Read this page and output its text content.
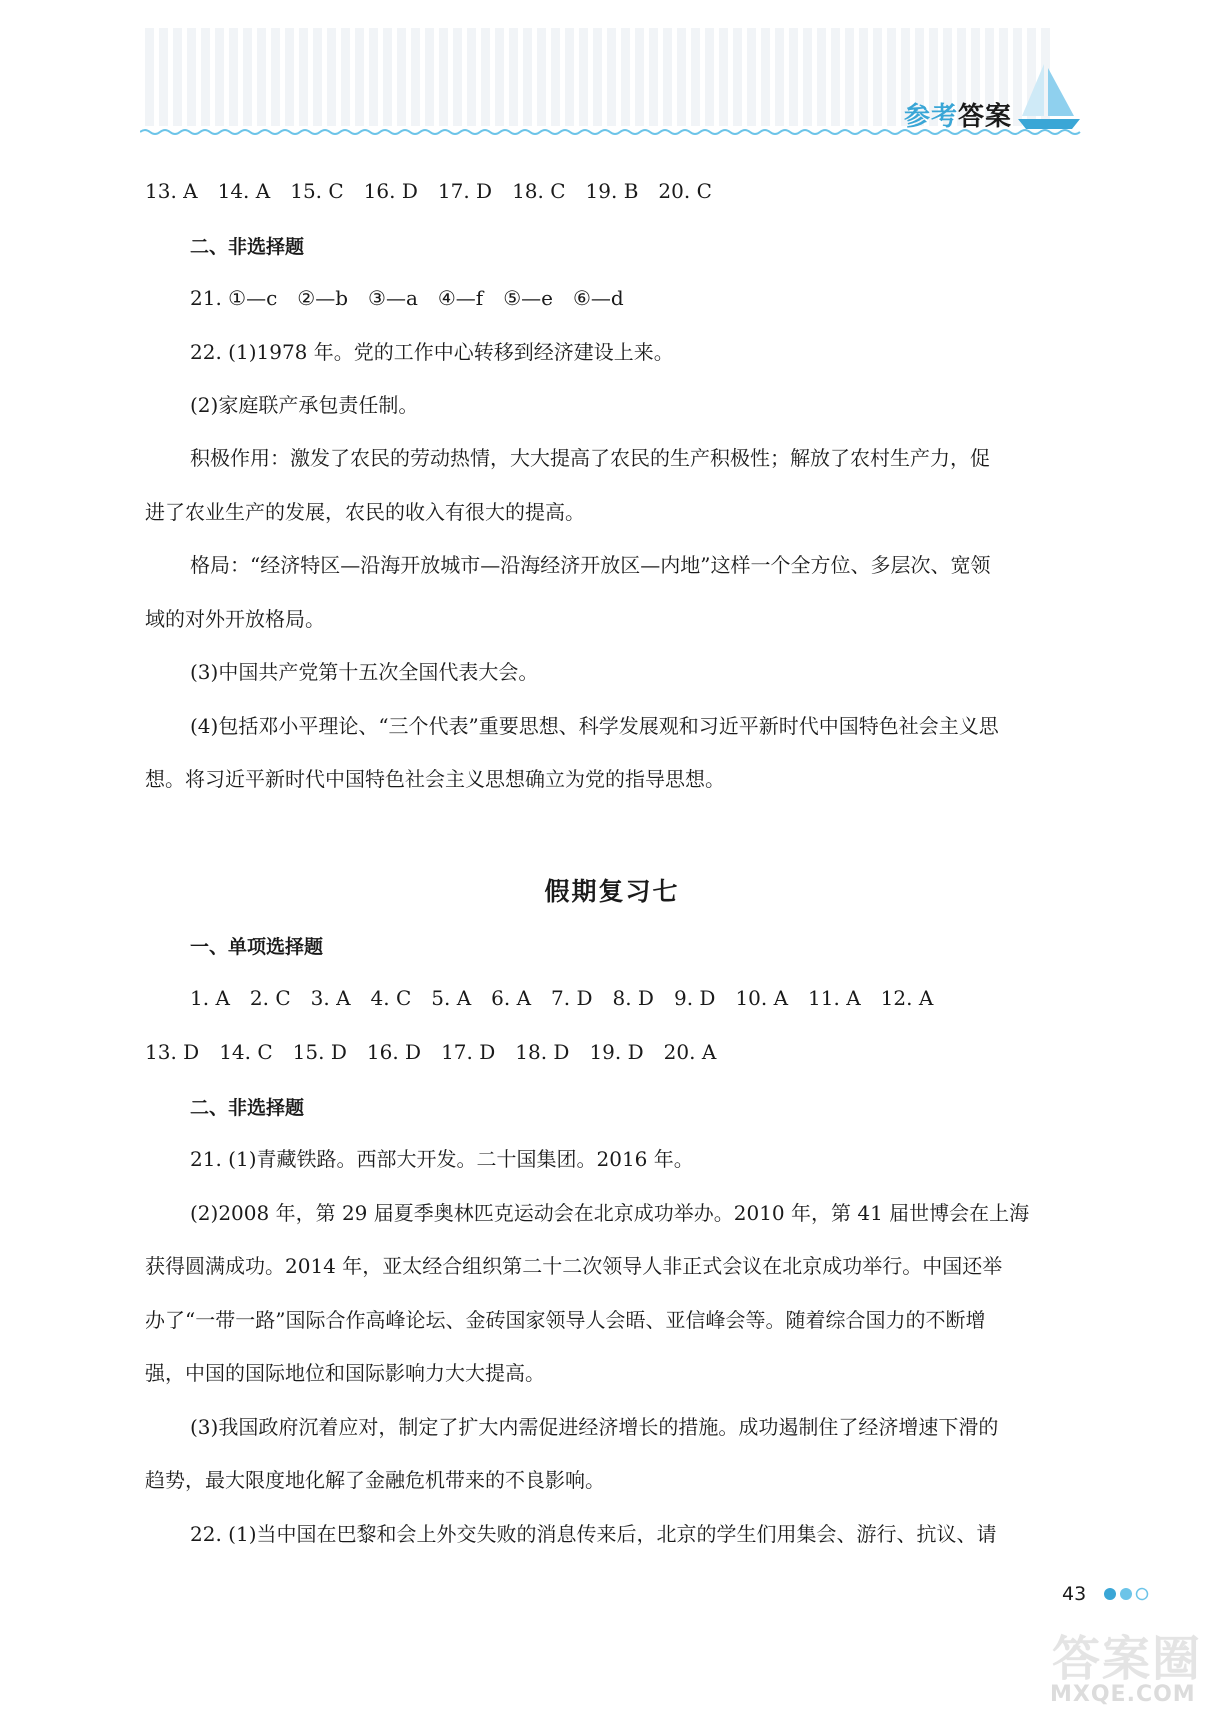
参考答案
13. A　14. A　15. C　16. D　17. D　18. C　19. B　20. C
二、非选择题
21. ①—c　②—b　③—a　④—f　⑤—e　⑥—d
22. (1)1978 年。党的工作中心转移到经济建设上来。
(2)家庭联产承包责任制。
积极作用：激发了农民的劳动热情，大大提高了农民的生产积极性；解放了农村生产力，促
进了农业生产的发展，农民的收入有很大的提高。
格局：“经济特区—沿海开放城市—沿海经济开放区—内地”这样一个全方位、多层次、宽领
域的对外开放格局。
(3)中国共产党第十五次全国代表大会。
(4)包括邓小平理论、“三个代表”重要思想、科学发展观和习近平新时代中国特色社会主义思
想。将习近平新时代中国特色社会主义思想确立为党的指导思想。
假期复习七
一、单项选择题
1. A　2. C　3. A　4. C　5. A　6. A　7. D　8. D　9. D　10. A　11. A　12. A
13. D　14. C　15. D　16. D　17. D　18. D　19. D　20. A
二、非选择题
21. (1)青藏铁路。西部大开发。二十国集团。2016 年。
(2)2008 年，第 29 届夏季奥林匹克运动会在北京成功举办。2010 年，第 41 届世博会在上海
获得圆满成功。2014 年，亚太经合组织第二十二次领导人非正式会议在北京成功举行。中国还举
办了“一带一路”国际合作高峰论坛、金砖国家领导人会晤、亚信峰会等。随着综合国力的不断增
强，中国的国际地位和国际影响力大大提高。
(3)我国政府沉着应对，制定了扩大内需促进经济增长的措施。成功遏制住了经济增速下滑的
趋势，最大限度地化解了金融危机带来的不良影响。
22. (1)当中国在巴黎和会上外交失败的消息传来后，北京的学生们用集会、游行、抗议、请
43
答案圈
MXQE.COM
